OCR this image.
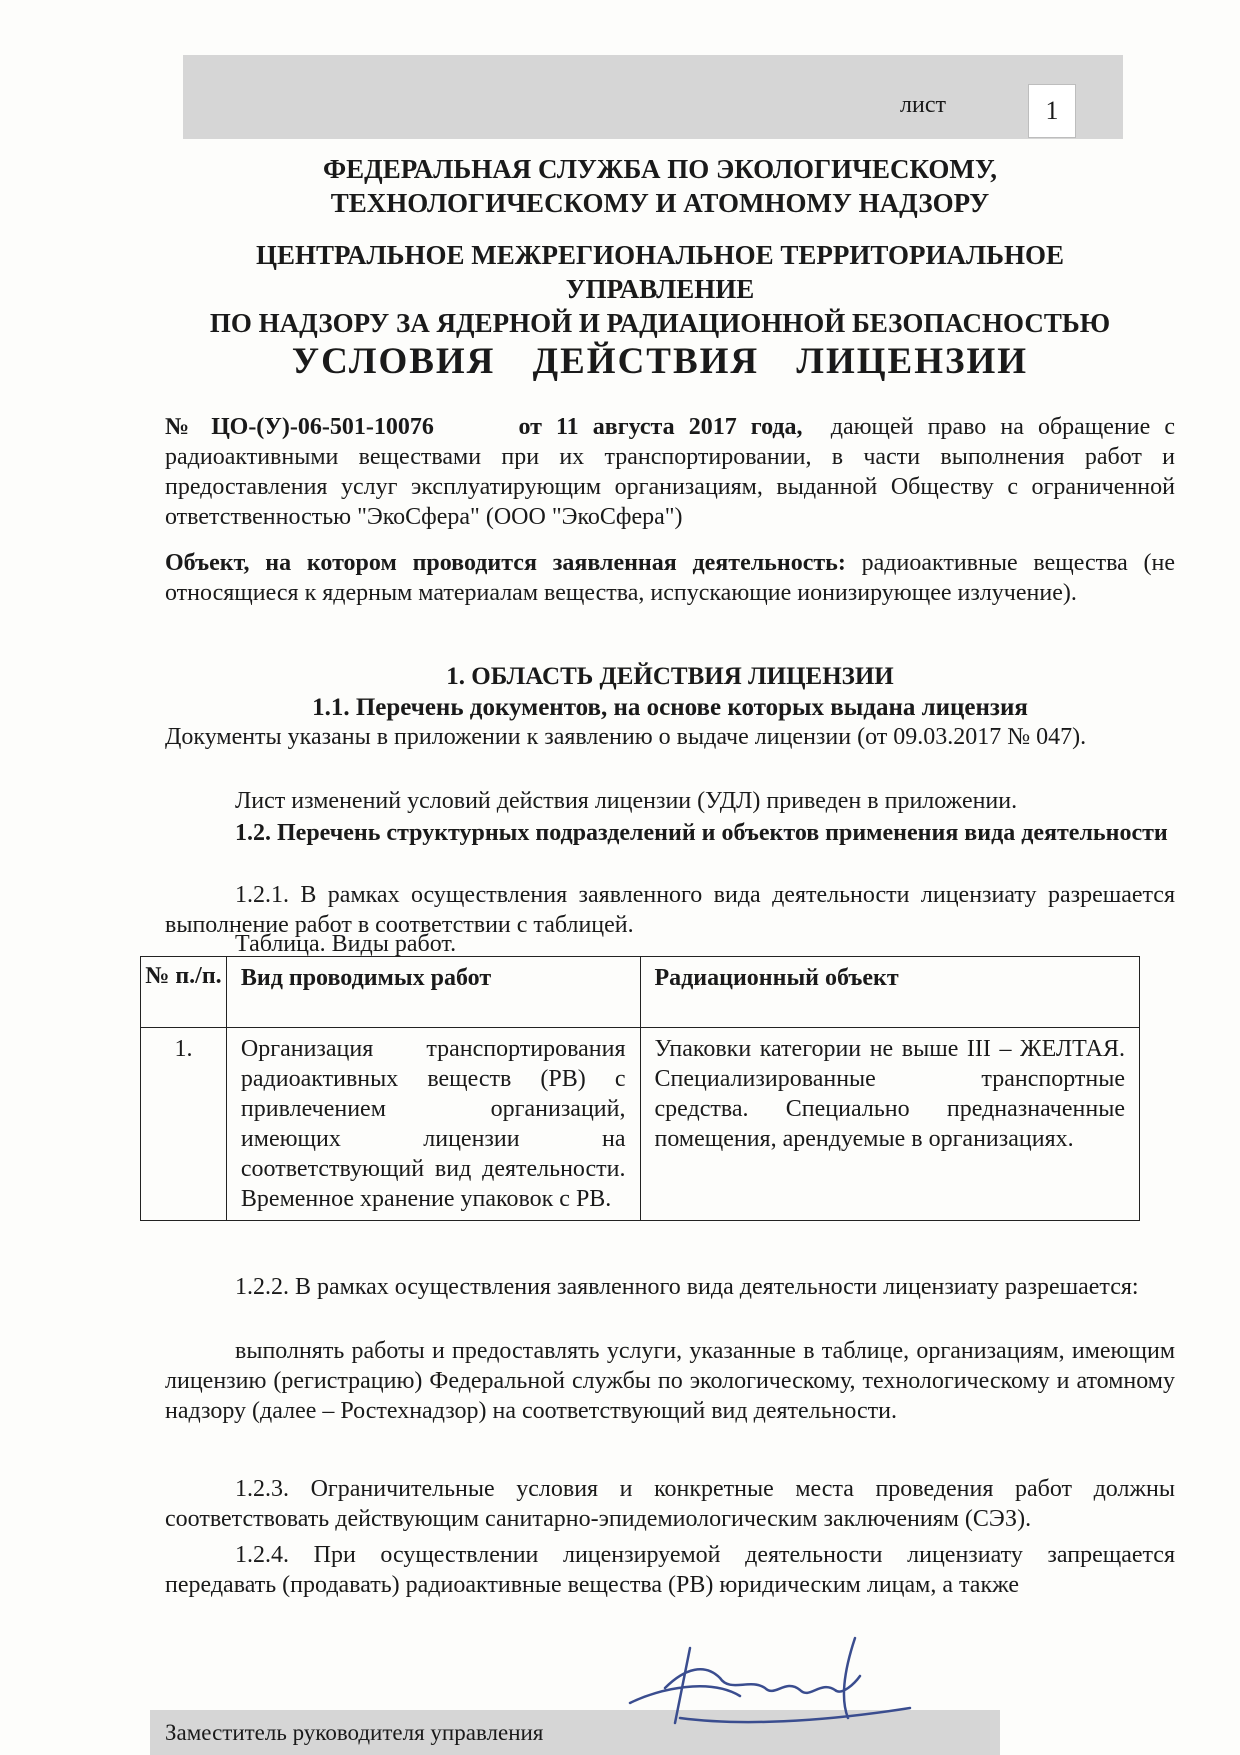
лист	1
ФЕДЕРАЛЬНАЯ СЛУЖБА ПО ЭКОЛОГИЧЕСКОМУ,
ТЕХНОЛОГИЧЕСКОМУ И АТОМНОМУ НАДЗОРУ
ЦЕНТРАЛЬНОЕ МЕЖРЕГИОНАЛЬНОЕ ТЕРРИТОРИАЛЬНОЕ УПРАВЛЕНИЕ
ПО НАДЗОРУ ЗА ЯДЕРНОЙ И РАДИАЦИОННОЙ БЕЗОПАСНОСТЬЮ
УСЛОВИЯ ДЕЙСТВИЯ ЛИЦЕНЗИИ
№ ЦО-(У)-06-501-10076	от 11 августа 2017 года, дающей право на обращение с радиоактивными веществами при их транспортировании, в части выполнения работ и предоставления услуг эксплуатирующим организациям, выданной Обществу с ограниченной ответственностью "ЭкоСфера" (ООО "ЭкоСфера")
Объект, на котором проводится заявленная деятельность: радиоактивные вещества (не относящиеся к ядерным материалам вещества, испускающие ионизирующее излучение).
1. ОБЛАСТЬ ДЕЙСТВИЯ ЛИЦЕНЗИИ
1.1. Перечень документов, на основе которых выдана лицензия
Документы указаны в приложении к заявлению о выдаче лицензии (от 09.03.2017 № 047).
Лист изменений условий действия лицензии (УДЛ) приведен в приложении.
1.2. Перечень структурных подразделений и объектов применения вида деятельности
1.2.1. В рамках осуществления заявленного вида деятельности лицензиату разрешается выполнение работ в соответствии с таблицей.
Таблица. Виды работ.
№ п./п.	Вид проводимых работ	Радиационный объект
1.	Организация транспортирования радиоактивных веществ (РВ) с привлечением организаций, имеющих лицензии на соответствующий вид деятельности. Временное хранение упаковок с РВ.	Упаковки категории не выше III – ЖЕЛТАЯ. Специализированные транспортные средства. Специально предназначенные помещения, арендуемые в организациях.
1.2.2. В рамках осуществления заявленного вида деятельности лицензиату разрешается:
выполнять работы и предоставлять услуги, указанные в таблице, организациям, имеющим лицензию (регистрацию) Федеральной службы по экологическому, технологическому и атомному надзору (далее – Ростехнадзор) на соответствующий вид деятельности.
1.2.3. Ограничительные условия и конкретные места проведения работ должны соответствовать действующим санитарно-эпидемиологическим заключениям (СЭЗ).
1.2.4. При осуществлении лицензируемой деятельности лицензиату запрещается передавать (продавать) радиоактивные вещества (РВ) юридическим лицам, а также
Заместитель руководителя управления
